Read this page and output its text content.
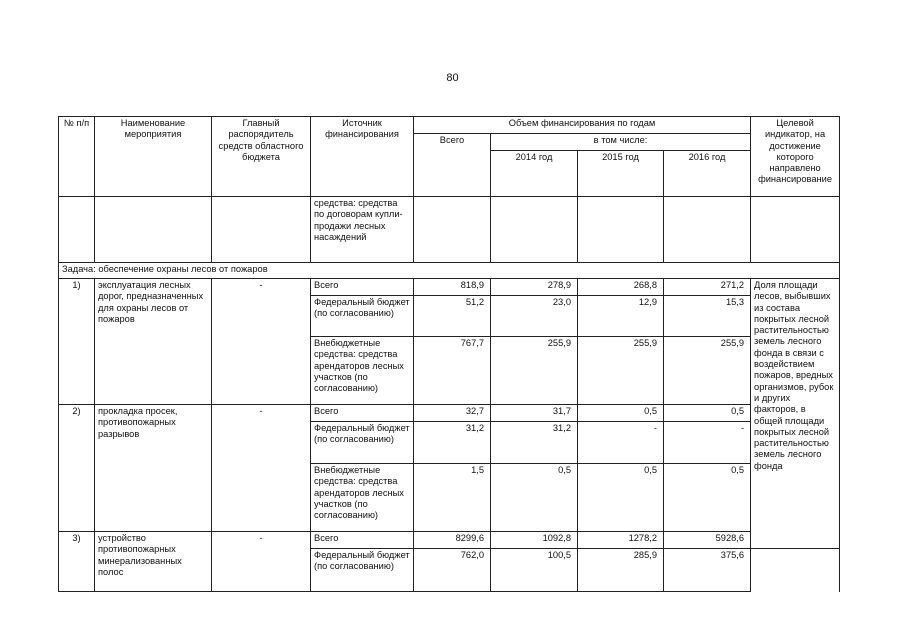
80
№ п/п	Наименование мероприятия	Главный распорядитель средств областного бюджета	Источник финансирования	Объем финансирования по годам				Целевой индикатор, на достижение которого направлено финансирование	
				Всего	в том числе:				
					2014 год	2015 год	2016 год		
			средства: средства по договорам купли-продажи лесных насаждений						
Задача: обеспечение охраны лесов от пожаров									
1)	эксплуатация лесных дорог, предназначенных для охраны лесов от пожаров	-	Всего	818,9	278,9	268,8	271,2	Доля площади лесов, выбывших из состава покрытых лесной растительностью земель лесного фонда в связи с воздействием пожаров, вредных организмов, рубок и других факторов, в общей площади покрытых лесной растительностью земель лесного фонда	
			Федеральный бюджет (по согласованию)	51,2	23,0	12,9	15,3		
			Внебюджетные средства: средства арендаторов лесных участков (по согласованию)	767,7	255,9	255,9	255,9		
2)	прокладка просек, противопожарных разрывов	-	Всего	32,7	31,7	0,5	0,5		
			Федеральный бюджет (по согласованию)	31,2	31,2	-	-		
			Внебюджетные средства: средства арендаторов лесных участков (по согласованию)	1,5	0,5	0,5	0,5		
3)	устройство противопожарных минерализованных полос	-	Всего	8299,6	1092,8	1278,2	5928,6		
			Федеральный бюджет (по согласованию)	762,0	100,5	285,9	375,6		
